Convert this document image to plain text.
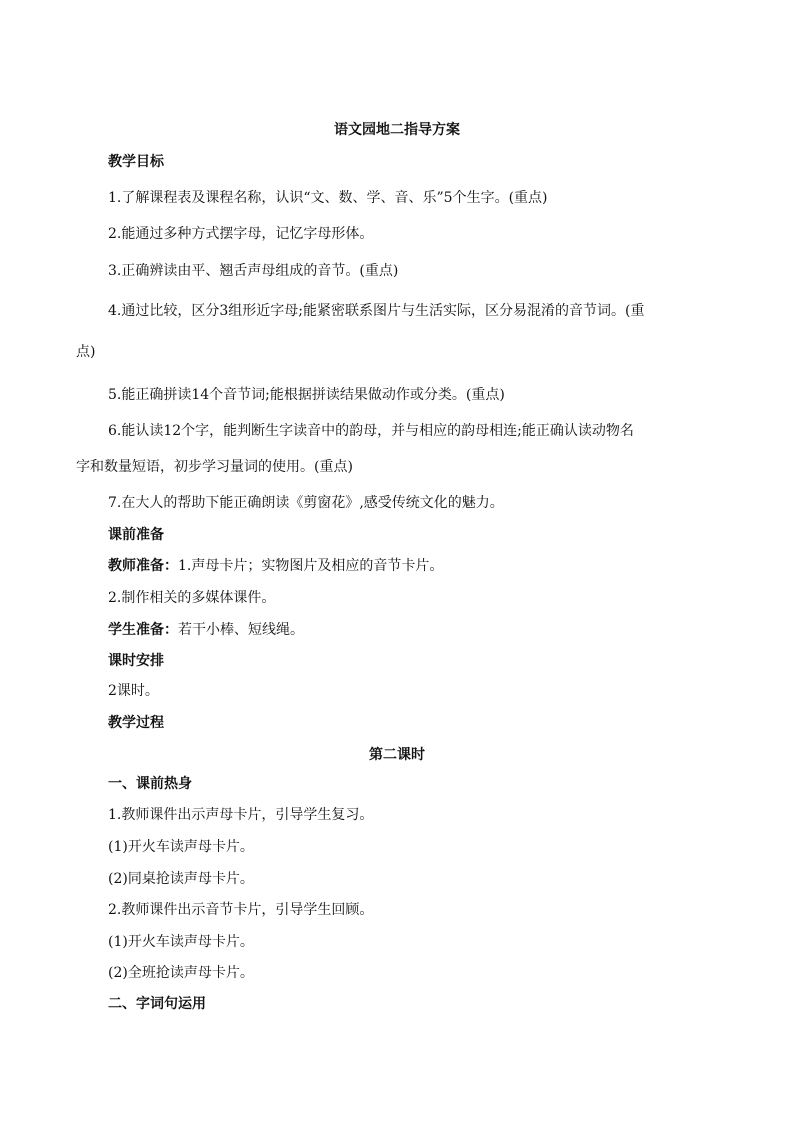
语文园地二指导方案
教学目标
1.了解课程表及课程名称，认识“文、数、学、音、乐”5个生字。(重点)
2.能通过多种方式摆字母，记忆字母形体。
3.正确辨读由平、翘舌声母组成的音节。(重点)
4.通过比较，区分3组形近字母;能紧密联系图片与生活实际，区分易混淆的音节词。(重
点)
5.能正确拼读14个音节词;能根据拼读结果做动作或分类。(重点)
6.能认读12个字，能判断生字读音中的韵母，并与相应的韵母相连;能正确认读动物名
字和数量短语，初步学习量词的使用。(重点)
7.在大人的帮助下能正确朗读《剪窗花》,感受传统文化的魅力。
课前准备
教师准备：1.声母卡片；实物图片及相应的音节卡片。
2.制作相关的多媒体课件。
学生准备：若干小棒、短线绳。
课时安排
2课时。
教学过程
第二课时
一、课前热身
1.教师课件出示声母卡片，引导学生复习。
(1)开火车读声母卡片。
(2)同桌抢读声母卡片。
2.教师课件出示音节卡片，引导学生回顾。
(1)开火车读声母卡片。
(2)全班抢读声母卡片。
二、字词句运用
